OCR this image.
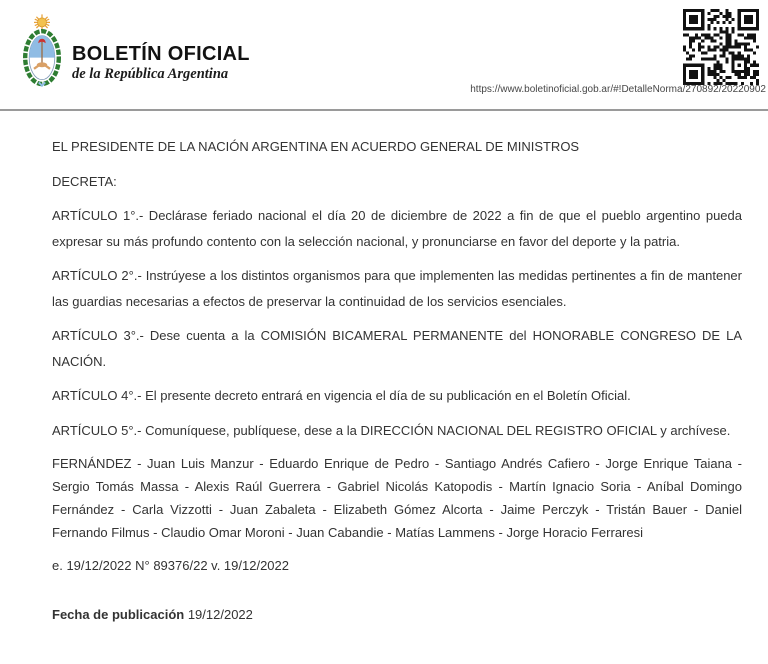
BOLETÍN OFICIAL
de la República Argentina
https://www.boletinoficial.gob.ar/#!DetalleNorma/270892/20220902

EL PRESIDENTE DE LA NACIÓN ARGENTINA EN ACUERDO GENERAL DE MINISTROS

DECRETA:

ARTÍCULO 1°.- Declárase feriado nacional el día 20 de diciembre de 2022 a fin de que el pueblo argentino pueda expresar su más profundo contento con la selección nacional, y pronunciarse en favor del deporte y la patria.

ARTÍCULO 2°.- Instrúyese a los distintos organismos para que implementen las medidas pertinentes a fin de mantener las guardias necesarias a efectos de preservar la continuidad de los servicios esenciales.

ARTÍCULO 3°.- Dese cuenta a la COMISIÓN BICAMERAL PERMANENTE del HONORABLE CONGRESO DE LA NACIÓN.

ARTÍCULO 4°.- El presente decreto entrará en vigencia el día de su publicación en el Boletín Oficial.

ARTÍCULO 5°.- Comuníquese, publíquese, dese a la DIRECCIÓN NACIONAL DEL REGISTRO OFICIAL y archívese.

FERNÁNDEZ - Juan Luis Manzur - Eduardo Enrique de Pedro - Santiago Andrés Cafiero - Jorge Enrique Taiana - Sergio Tomás Massa - Alexis Raúl Guerrera - Gabriel Nicolás Katopodis - Martín Ignacio Soria - Aníbal Domingo Fernández - Carla Vizzotti - Juan Zabaleta - Elizabeth Gómez Alcorta - Jaime Perczyk - Tristán Bauer - Daniel Fernando Filmus - Claudio Omar Moroni - Juan Cabandie - Matías Lammens - Jorge Horacio Ferraresi

e. 19/12/2022 N° 89376/22 v. 19/12/2022

Fecha de publicación 19/12/2022
